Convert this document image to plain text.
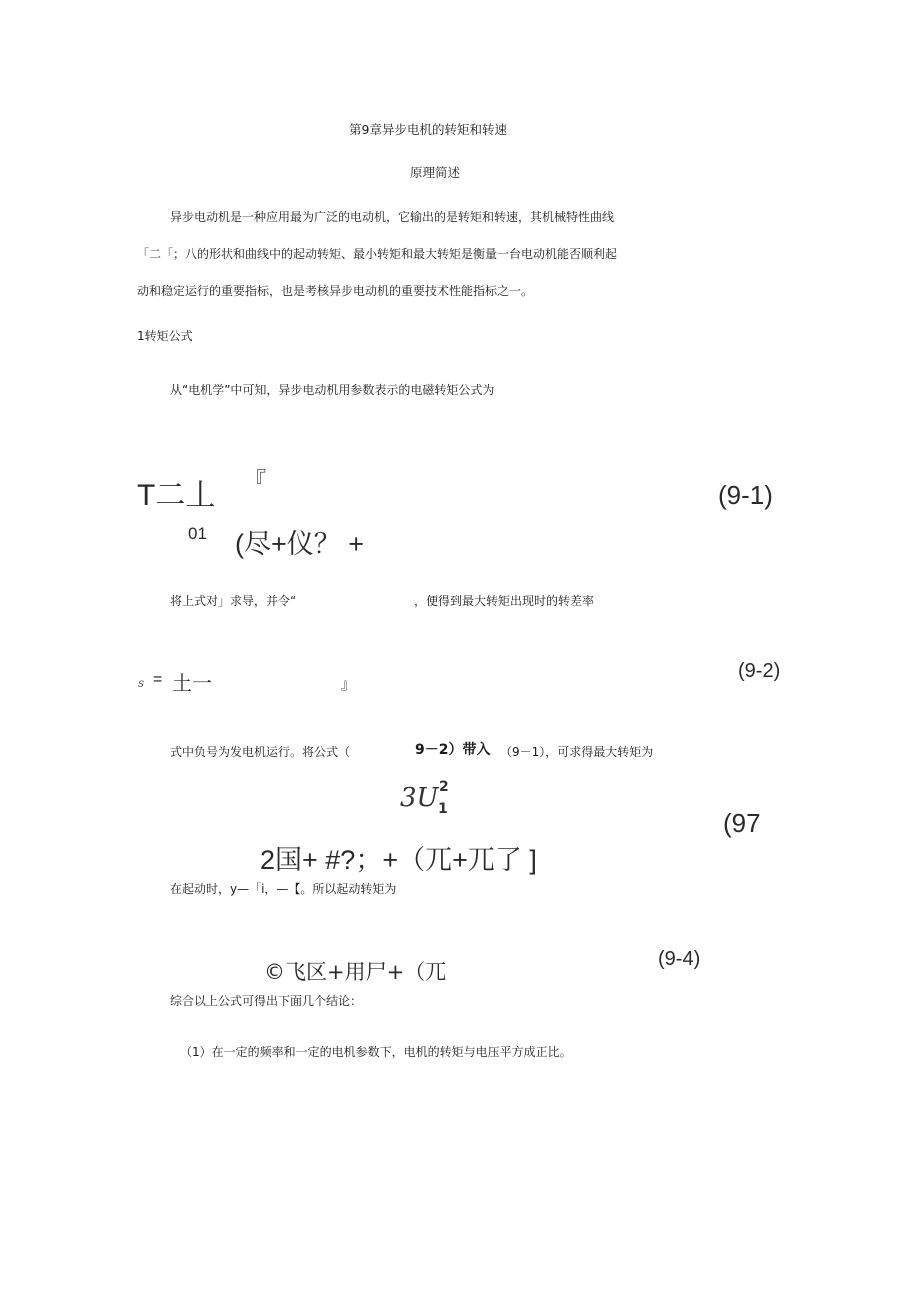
第9章异步电机的转矩和转速
原理简述
异步电动机是一种应用最为广泛的电动机，它输出的是转矩和转速，其机械特性曲线
「二「；八的形状和曲线中的起动转矩、最小转矩和最大转矩是衡量一台电动机能否顺利起
动和稳定运行的重要指标，也是考核异步电动机的重要技术性能指标之一。
1转矩公式
从“电机学”中可知，异步电动机用参数表示的电磁转矩公式为
T二丄 『	(9-1)
01 (尽+仪？ +
将上式对」求导，并令“	，便得到最大转矩出现时的转差率
s = 土一	』
(9-2)
式中负号为发电机运行。将公式（	9－2）带入 （9－1），可求得最大转矩为
3U 2
1	(97
2国+ #?；+（兀+兀了 ]
在起动时，y—「i，—【。所以起动转矩为
©飞区+用尸+（兀
(9-4)
综合以上公式可得出下面几个结论：
（1）在一定的频率和一定的电机参数下，电机的转矩与电压平方成正比。
